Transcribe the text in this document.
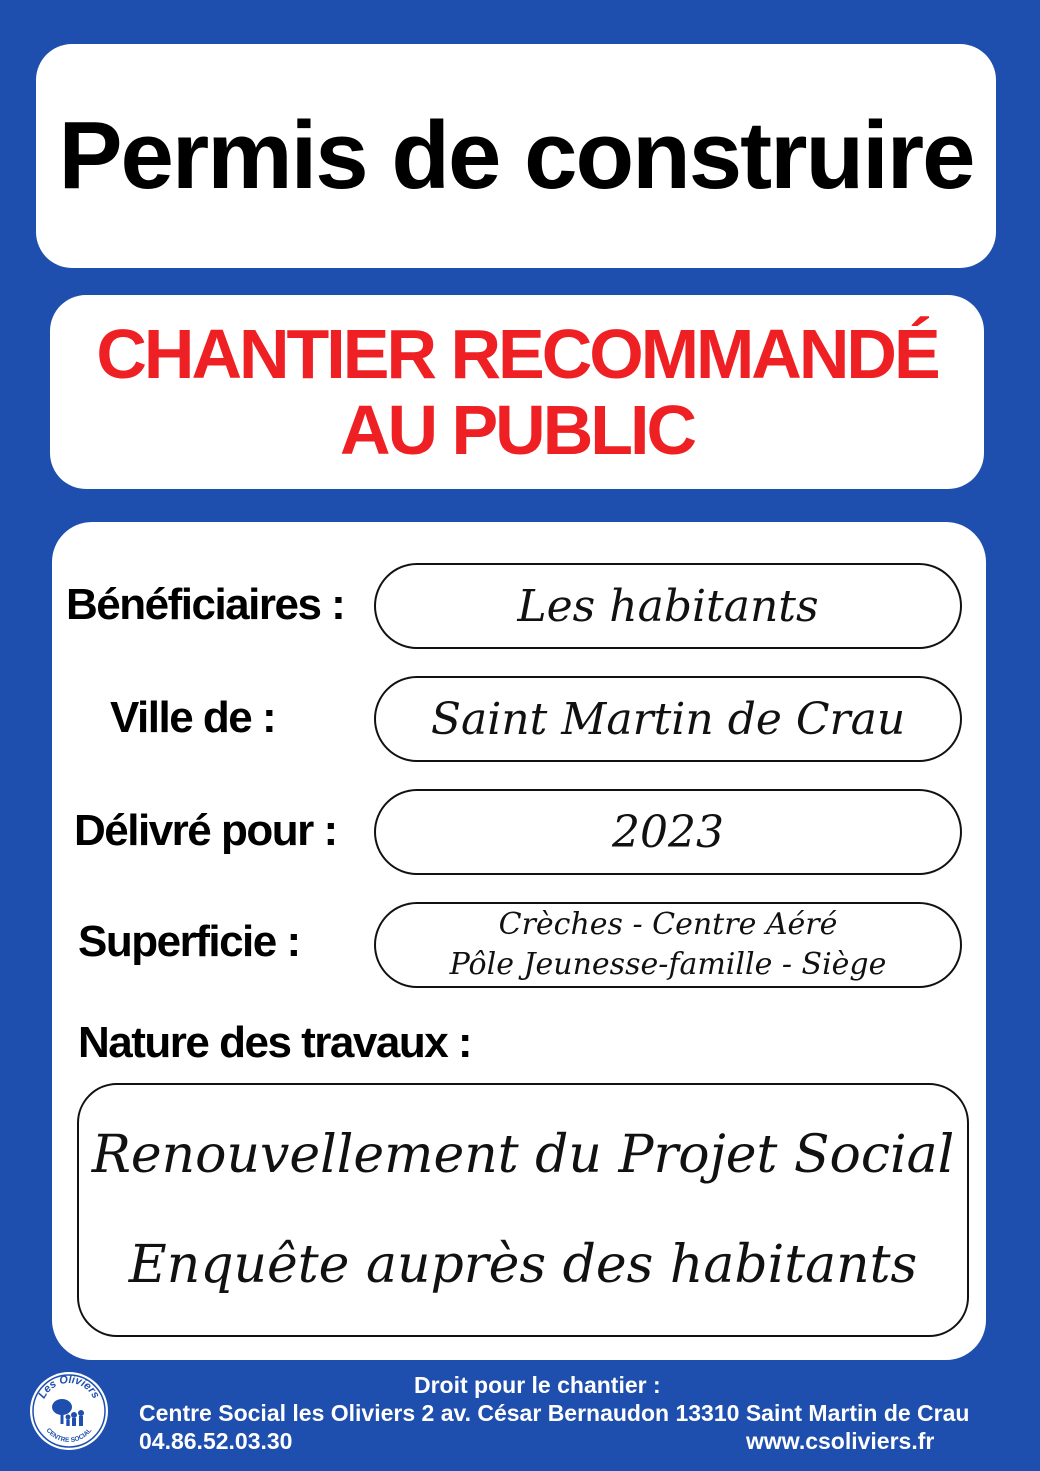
Permis de construire
CHANTIER RECOMMANDÉ
AU PUBLIC
Bénéficiaires :	Les habitants
Ville de :	Saint Martin de Crau
Délivré pour :	2023
Superficie :	Crèches - Centre Aéré
Pôle Jeunesse-famille - Siège
Nature des travaux :
Renouvellement du Projet Social
Enquête auprès des habitants
Les Oliviers
CENTRE SOCIAL
Droit pour le chantier :
Centre Social les Oliviers 2 av. César Bernaudon 13310 Saint Martin de Crau
04.86.52.03.30	www.csoliviers.fr
